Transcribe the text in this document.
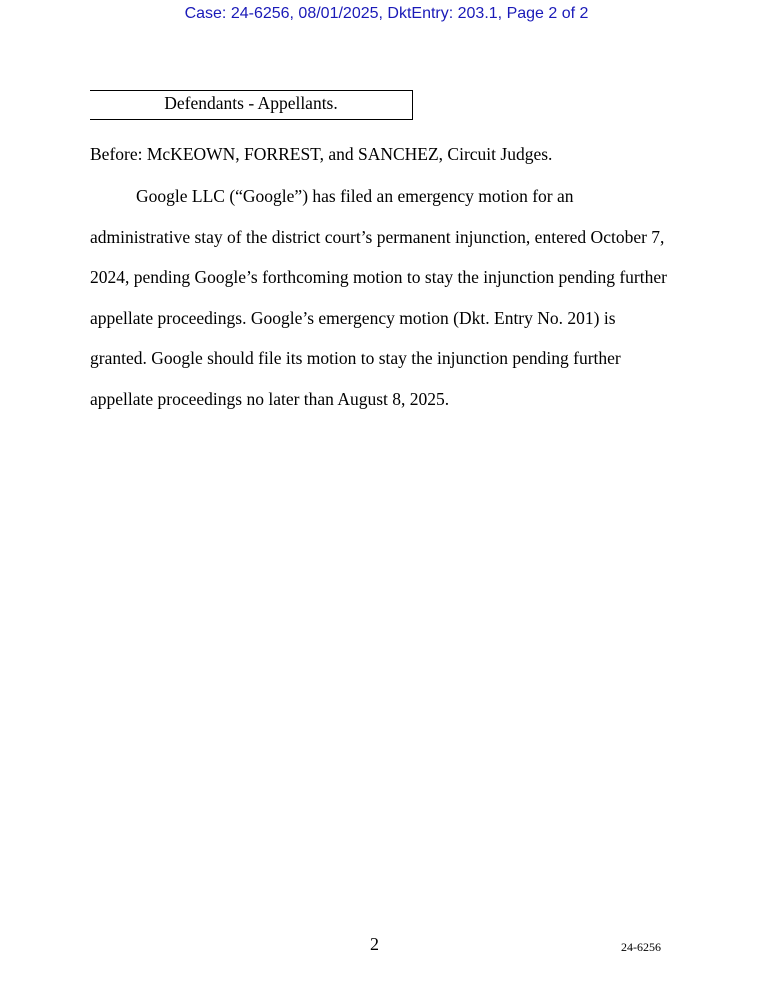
Case: 24-6256, 08/01/2025, DktEntry: 203.1, Page 2 of 2
Defendants - Appellants.
Before: McKEOWN, FORREST, and SANCHEZ, Circuit Judges.
Google LLC (“Google”) has filed an emergency motion for an
administrative stay of the district court’s permanent injunction, entered October 7,
2024, pending Google’s forthcoming motion to stay the injunction pending further
appellate proceedings. Google’s emergency motion (Dkt. Entry No. 201) is
granted. Google should file its motion to stay the injunction pending further
appellate proceedings no later than August 8, 2025.
2	24-6256
